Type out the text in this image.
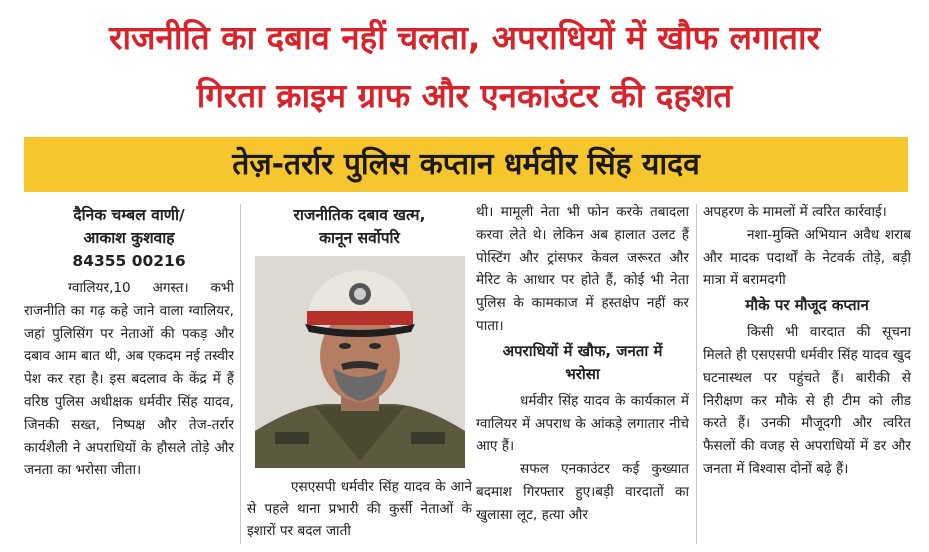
राजनीति का दबाव नहीं चलता, अपराधियों में खौफ लगातार
गिरता क्राइम ग्राफ और एनकाउंटर की दहशत
तेज़-तर्रार पुलिस कप्तान धर्मवीर सिंह यादव
दैनिक चम्बल वाणी/
आकाश कुशवाह
84355 00216

ग्वालियर,10 अगस्त। कभी राजनीति का गढ़ कहे जाने वाला ग्वालियर, जहां पुलिसिंग पर नेताओं की पकड़ और दबाव आम बात थी, अब एकदम नई तस्वीर पेश कर रहा है। इस बदलाव के केंद्र में हैं वरिष्ठ पुलिस अधीक्षक धर्मवीर सिंह यादव, जिनकी सख्त, निष्पक्ष और तेज-तर्रार कार्यशैली ने अपराधियों के हौसले तोड़े और जनता का भरोसा जीता।

राजनीतिक दबाव खत्म,
कानून सर्वोपरि

एसएसपी धर्मवीर सिंह यादव के आने से पहले थाना प्रभारी की कुर्सी नेताओं के इशारों पर बदल जाती

थी। मामूली नेता भी फोन करके तबादला करवा लेते थे। लेकिन अब हालात उलट हैं पोस्टिंग और ट्रांसफर केवल जरूरत और मेरिट के आधार पर होते हैं, कोई भी नेता पुलिस के कामकाज में हस्तक्षेप नहीं कर पाता।

अपराधियों में खौफ, जनता में
भरोसा

धर्मवीर सिंह यादव के कार्यकाल में ग्वालियर में अपराध के आंकड़े लगातार नीचे आए हैं।

सफल एनकाउंटर कई कुख्यात बदमाश गिरफ्तार हुए।बड़ी वारदातों का खुलासा लूट, हत्या और

अपहरण के मामलों में त्वरित कार्रवाई।

नशा-मुक्ति अभियान अवैध शराब और मादक पदार्थों के नेटवर्क तोड़े, बड़ी मात्रा में बरामदगी

मौके पर मौजूद कप्तान

किसी भी वारदात की सूचना मिलते ही एसएसपी धर्मवीर सिंह यादव खुद घटनास्थल पर पहुंचते हैं। बारीकी से निरीक्षण कर मौके से ही टीम को लीड करते हैं। उनकी मौजूदगी और त्वरित फैसलों की वजह से अपराधियों में डर और जनता में विश्वास दोनों बढ़े हैं।
